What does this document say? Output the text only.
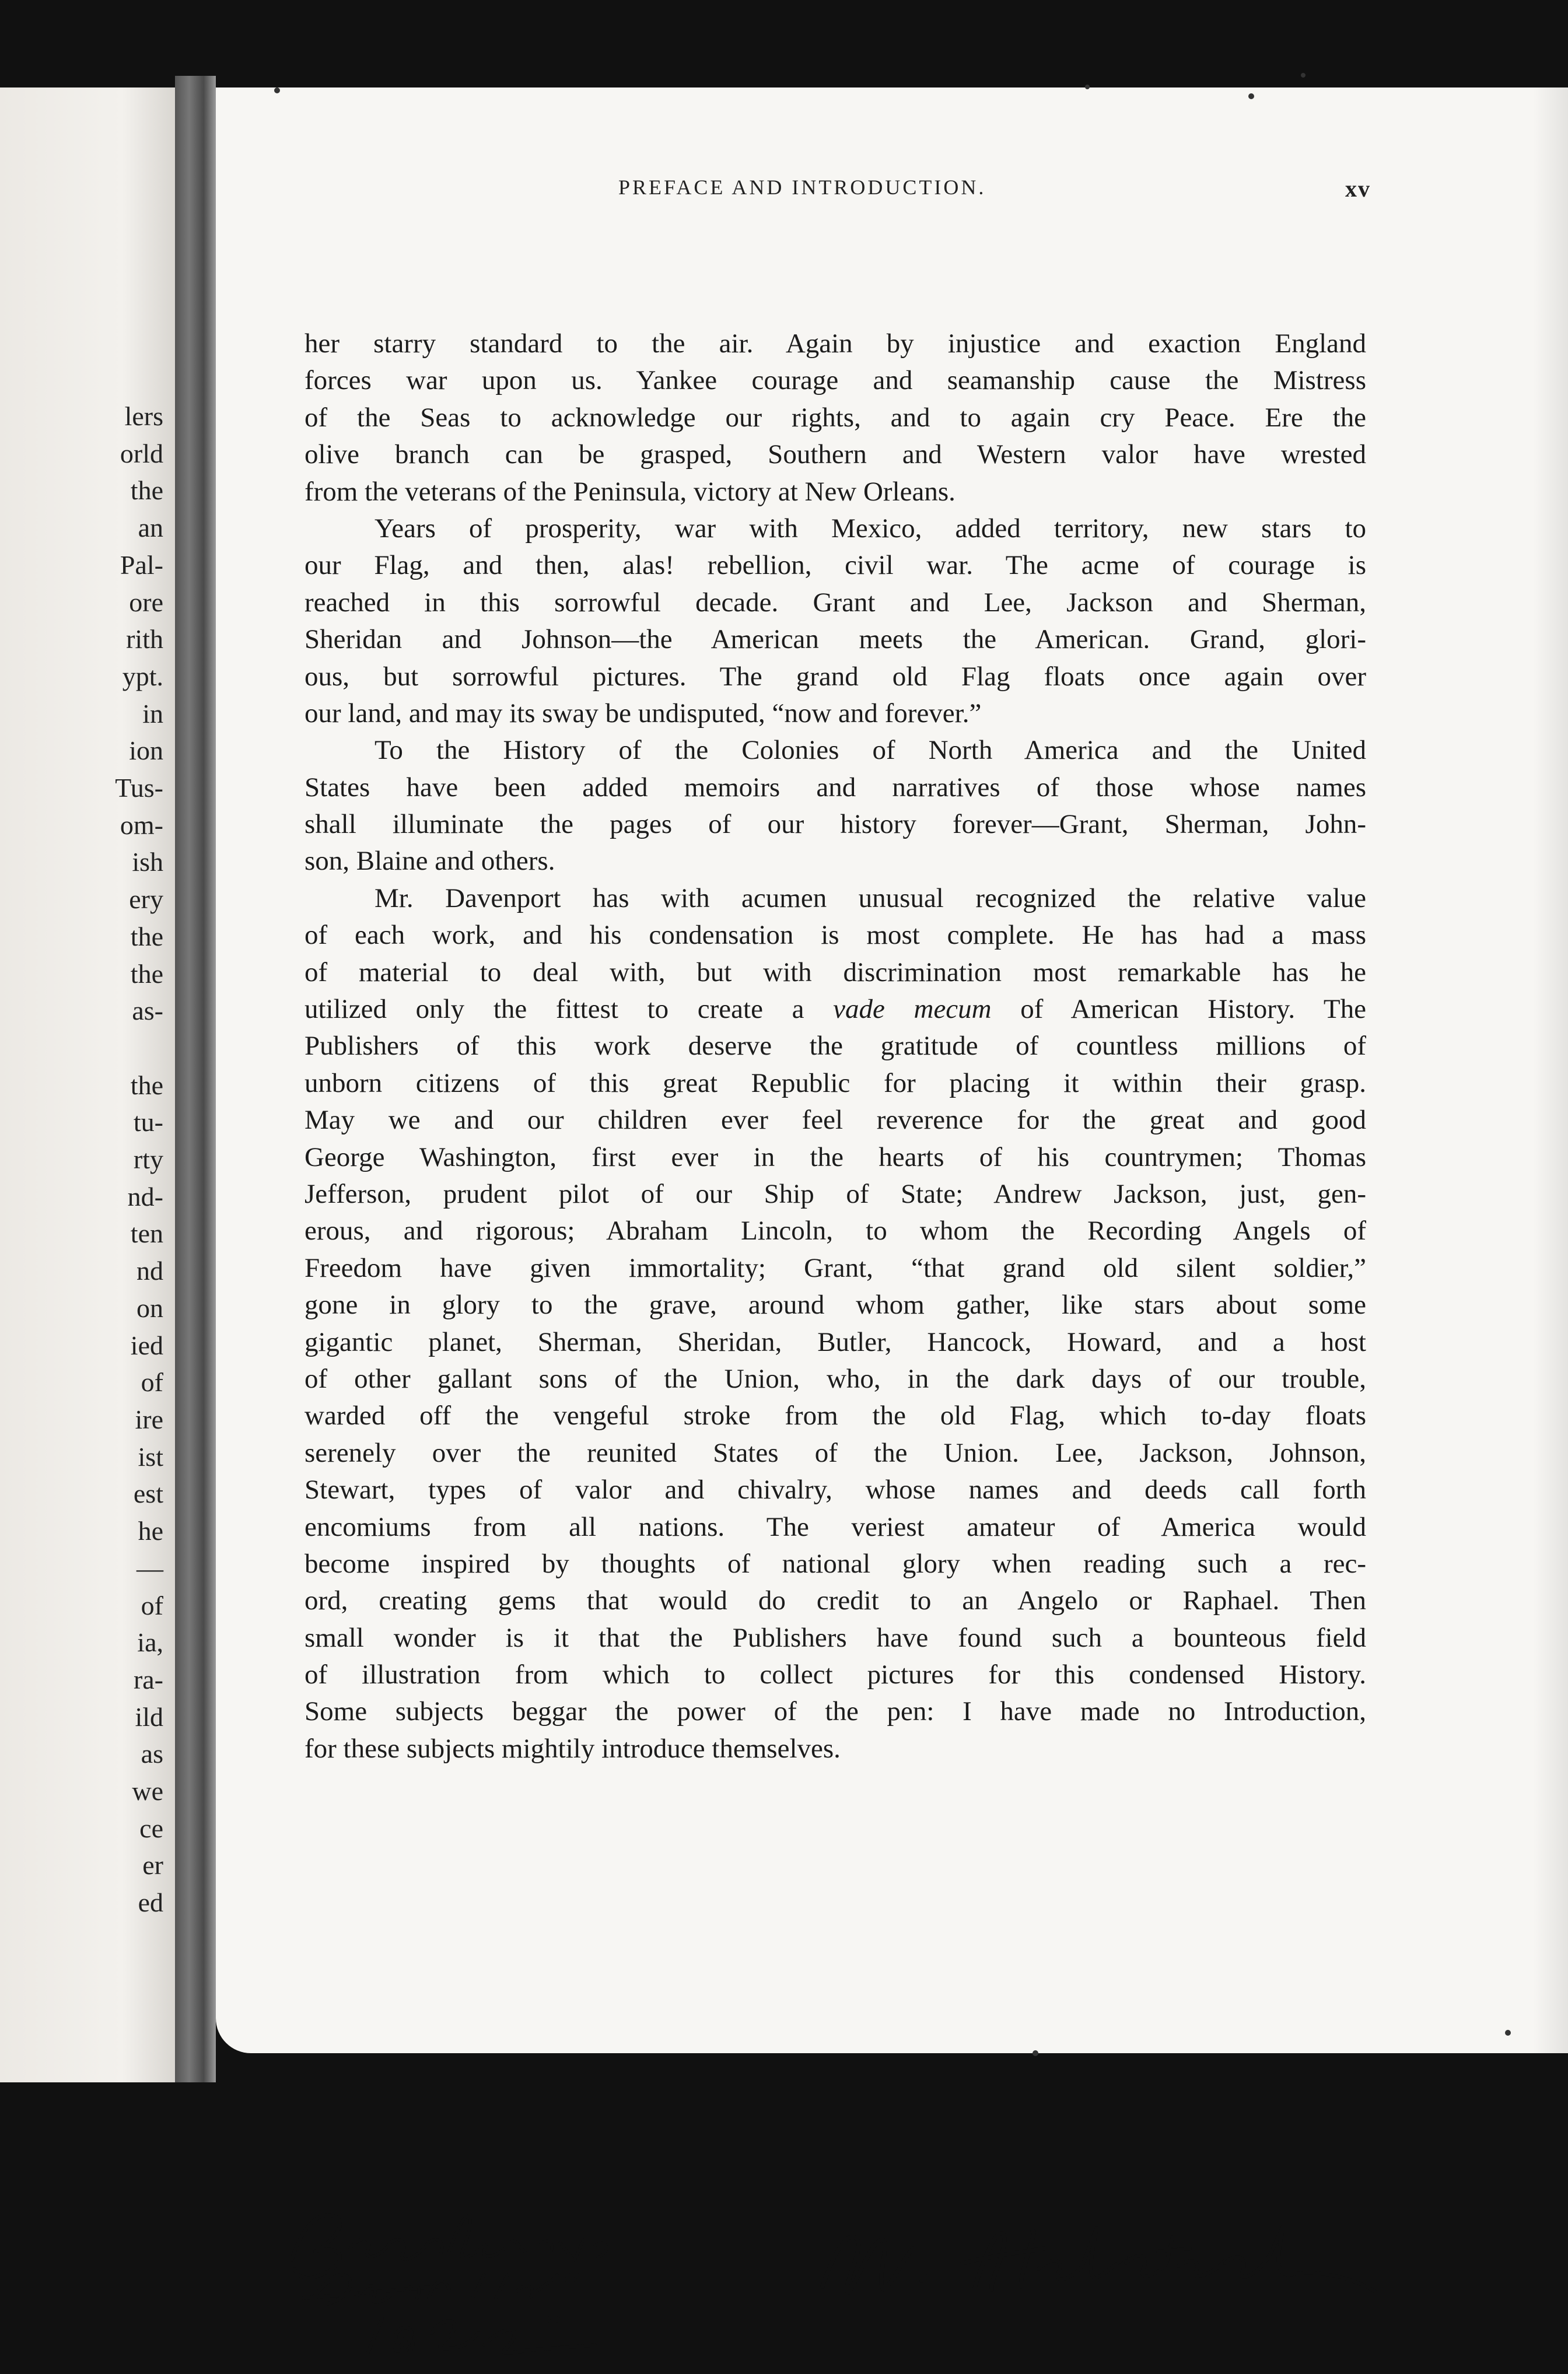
lers
orld
the
an
Pal-
ore
rith
ypt.
in
ion
Tus-
om-
ish
ery
the
the
as-

the
tu-
rty
nd-
ten
nd
on
ied
of
ire
ist
est
he
—
of
ia,
ra-
ild
as
we
ce
er
ed
PREFACE AND INTRODUCTION.	xv
her starry standard to the air. Again by injustice and exaction England
forces war upon us. Yankee courage and seamanship cause the Mistress
of the Seas to acknowledge our rights, and to again cry Peace. Ere the
olive branch can be grasped, Southern and Western valor have wrested
from the veterans of the Peninsula, victory at New Orleans.
Years of prosperity, war with Mexico, added territory, new stars to
our Flag, and then, alas! rebellion, civil war. The acme of courage is
reached in this sorrowful decade. Grant and Lee, Jackson and Sherman,
Sheridan and Johnson—the American meets the American. Grand, glori-
ous, but sorrowful pictures. The grand old Flag floats once again over
our land, and may its sway be undisputed, “now and forever.”
To the History of the Colonies of North America and the United
States have been added memoirs and narratives of those whose names
shall illuminate the pages of our history forever—Grant, Sherman, John-
son, Blaine and others.
Mr. Davenport has with acumen unusual recognized the relative value
of each work, and his condensation is most complete. He has had a mass
of material to deal with, but with discrimination most remarkable has he
utilized only the fittest to create a vade mecum of American History. The
Publishers of this work deserve the gratitude of countless millions of
unborn citizens of this great Republic for placing it within their grasp.
May we and our children ever feel reverence for the great and good
George Washington, first ever in the hearts of his countrymen; Thomas
Jefferson, prudent pilot of our Ship of State; Andrew Jackson, just, gen-
erous, and rigorous; Abraham Lincoln, to whom the Recording Angels of
Freedom have given immortality; Grant, “that grand old silent soldier,”
gone in glory to the grave, around whom gather, like stars about some
gigantic planet, Sherman, Sheridan, Butler, Hancock, Howard, and a host
of other gallant sons of the Union, who, in the dark days of our trouble,
warded off the vengeful stroke from the old Flag, which to-day floats
serenely over the reunited States of the Union. Lee, Jackson, Johnson,
Stewart, types of valor and chivalry, whose names and deeds call forth
encomiums from all nations. The veriest amateur of America would
become inspired by thoughts of national glory when reading such a rec-
ord, creating gems that would do credit to an Angelo or Raphael. Then
small wonder is it that the Publishers have found such a bounteous field
of illustration from which to collect pictures for this condensed History.
Some subjects beggar the power of the pen: I have made no Introduction,
for these subjects mightily introduce themselves.
